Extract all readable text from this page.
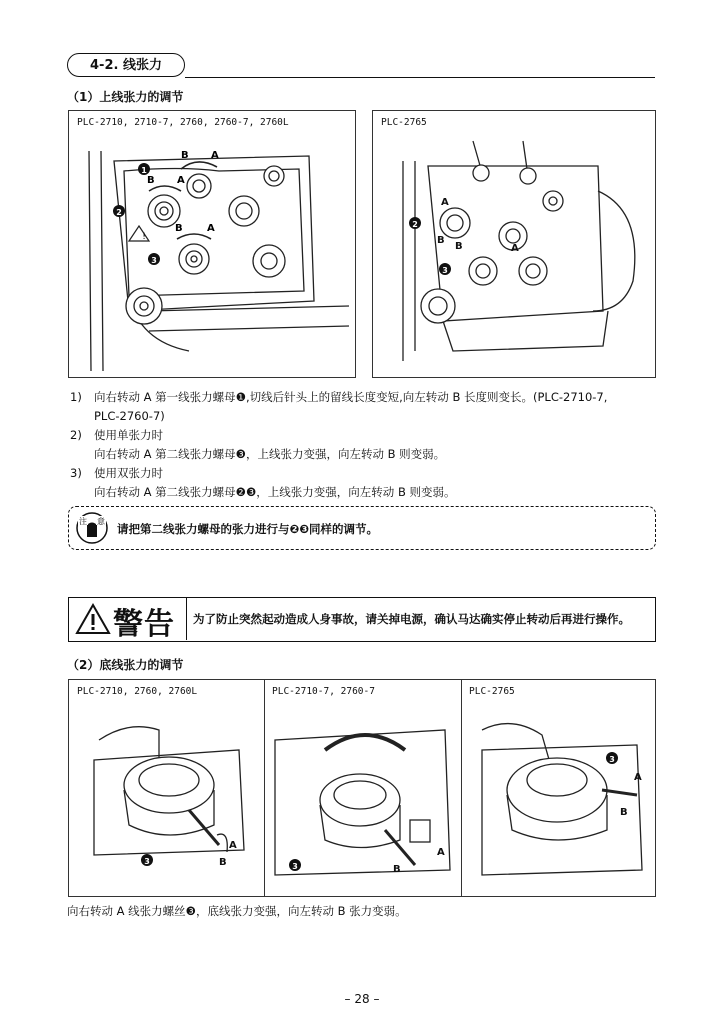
4-2. 线张力
（1）上线张力的调节
!
1
2
3
B A
B A
B A
PLC-2710, 2710-7, 2760, 2760-7, 2760L
2
3
A
B
B	A
PLC-2765
1) 向右转动 A 第一线张力螺母❶,切线后针头上的留线长度变短,向左转动 B 长度则变长。(PLC-2710-7,
PLC-2760-7)
2) 使用单张力时
向右转动 A 第二线张力螺母❸，上线张力变强，向左转动 B 则变弱。
3) 使用双张力时
向右转动 A 第二线张力螺母❷❸，上线张力变强，向左转动 B 则变弱。
注 意
请把第二线张力螺母的张力进行与❷❸同样的调节。
警告 为了防止突然起动造成人身事故，请关掉电源，确认马达确实停止转动后再进行操作。
（2）底线张力的调节
PLC-2710, 2760, 2760L	PLC-2710-7, 2760-7	PLC-2765
3
A
B	3
A
B
3
A
B
向右转动 A 线张力螺丝❸，底线张力变强，向左转动 B 张力变弱。
– 28 –
